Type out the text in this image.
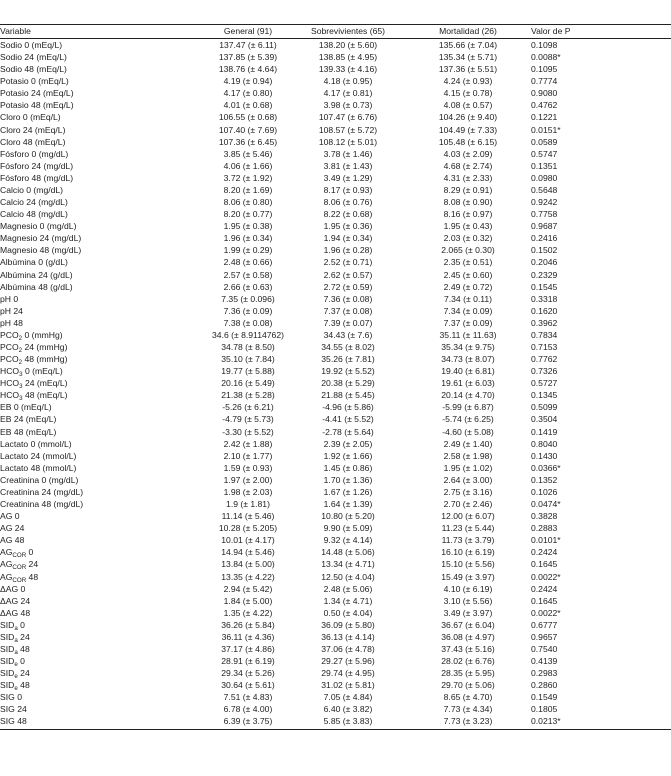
Variable	General (91)	Sobrevivientes (65)	Mortalidad (26)	Valor de P
Sodio 0 (mEq/L)	137.47 (± 6.11)	138.20 (± 5.60)	135.66 (± 7.04)	0.1098
Sodio 24 (mEq/L)	137.85 (± 5.39)	138.85 (± 4.95)	135.34 (± 5.71)	0.0088*
Sodio 48 (mEq/L)	138.76 (± 4.64)	139.33 (± 4.16)	137.36 (± 5.51)	0.1095
Potasio 0 (mEq/L)	4.19 (± 0.94)	4.18 (± 0.95)	4.24 (± 0.93)	0.7774
Potasio 24 (mEq/L)	4.17 (± 0.80)	4.17 (± 0.81)	4.15 (± 0.78)	0.9080
Potasio 48 (mEq/L)	4.01 (± 0.68)	3.98 (± 0.73)	4.08 (± 0.57)	0.4762
Cloro 0 (mEq/L)	106.55 (± 0.68)	107.47 (± 6.76)	104.26 (± 9.40)	0.1221
Cloro 24 (mEq/L)	107.40 (± 7.69)	108.57 (± 5.72)	104.49 (± 7.33)	0.0151*
Cloro 48 (mEq/L)	107.36 (± 6.45)	108.12 (± 5.01)	105.48 (± 6.15)	0.0589
Fósforo 0 (mg/dL)	3.85 (± 5.46)	3.78 (± 1.46)	4.03 (± 2.09)	0.5747
Fósforo 24 (mg/dL)	4.06 (± 1.66)	3.81 (± 1.43)	4.68 (± 2.74)	0.1351
Fósforo 48 (mg/dL)	3.72 (± 1.92)	3.49 (± 1.29)	4.31 (± 2.33)	0.0980
Calcio 0 (mg/dL)	8.20 (± 1.69)	8.17 (± 0.93)	8.29 (± 0.91)	0.5648
Calcio 24 (mg/dL)	8.06 (± 0.80)	8.06 (± 0.76)	8.08 (± 0.90)	0.9242
Calcio 48 (mg/dL)	8.20 (± 0.77)	8.22 (± 0.68)	8.16 (± 0.97)	0.7758
Magnesio 0 (mg/dL)	1.95 (± 0.38)	1.95 (± 0.36)	1.95 (± 0.43)	0.9687
Magnesio 24 (mg/dL)	1.96 (± 0.34)	1.94 (± 0.34)	2.03 (± 0.32)	0.2416
Magnesio 48 (mg/dL)	1.99 (± 0.29)	1.96 (± 0.28)	2.065 (± 0.30)	0.1502
Albúmina 0 (g/dL)	2.48 (± 0.66)	2.52 (± 0.71)	2.35 (± 0.51)	0.2046
Albúmina 24 (g/dL)	2.57 (± 0.58)	2.62 (± 0.57)	2.45 (± 0.60)	0.2329
Albúmina 48 (g/dL)	2.66 (± 0.63)	2.72 (± 0.59)	2.49 (± 0.72)	0.1545
pH 0	7.35 (± 0.096)	7.36 (± 0.08)	7.34 (± 0.11)	0.3318
pH 24	7.36 (± 0.09)	7.37 (± 0.08)	7.34 (± 0.09)	0.1620
pH 48	7.38 (± 0.08)	7.39 (± 0.07)	7.37 (± 0.09)	0.3962
$PCO_2$ 0 (mmHg)	34.6 (± 8.9114762)	34.43 (± 7.6)	35.11 (± 11.63)	0.7834
$PCO_2$ 24 (mmHg)	34.78 (± 8.50)	34.55 (± 8.02)	35.34 (± 9.75)	0.7153
$PCO_2$ 48 (mmHg)	35.10 (± 7.84)	35.26 (± 7.81)	34.73 (± 8.07)	0.7762
$HCO_3$ 0 (mEq/L)	19.77 (± 5.88)	19.92 (± 5.52)	19.40 (± 6.81)	0.7326
$HCO_3$ 24 (mEq/L)	20.16 (± 5.49)	20.38 (± 5.29)	19.61 (± 6.03)	0.5727
$HCO_3$ 48 (mEq/L)	21.38 (± 5.28)	21.88 (± 5.45)	20.14 (± 4.70)	0.1345
EB 0 (mEq/L)	-5.26 (± 6.21)	-4.96 (± 5.86)	-5.99 (± 6.87)	0.5099
EB 24 (mEq/L)	-4.79 (± 5.73)	-4.41 (± 5.52)	-5.74 (± 6.25)	0.3504
EB 48 (mEq/L)	-3.30 (± 5.52)	-2.78 (± 5.64)	-4.60 (± 5.08)	0.1419
Lactato 0 (mmol/L)	2.42 (± 1.88)	2.39 (± 2.05)	2.49 (± 1.40)	0.8040
Lactato 24 (mmol/L)	2.10 (± 1.77)	1.92 (± 1.66)	2.58 (± 1.98)	0.1430
Lactato 48 (mmol/L)	1.59 (± 0.93)	1.45 (± 0.86)	1.95 (± 1.02)	0.0366*
Creatinina 0 (mg/dL)	1.97 (± 2.00)	1.70 (± 1.36)	2.64 (± 3.00)	0.1352
Creatinina 24 (mg/dL)	1.98 (± 2.03)	1.67 (± 1.26)	2.75 (± 3.16)	0.1026
Creatinina 48 (mg/dL)	1.9 (± 1.81)	1.64 (± 1.39)	2.70 (± 2.46)	0.0474*
AG 0	11.14 (± 5.46)	10.80 (± 5.20)	12.00 (± 6.07)	0.3828
AG 24	10.28 (± 5.205)	9.90 (± 5.09)	11.23 (± 5.44)	0.2883
AG 48	10.01 (± 4.17)	9.32 (± 4.14)	11.73 (± 3.79)	0.0101*
$AG_{COR}$ 0	14.94 (± 5.46)	14.48 (± 5.06)	16.10 (± 6.19)	0.2424
$AG_{COR}$ 24	13.84 (± 5.00)	13.34 (± 4.71)	15.10 (± 5.56)	0.1645
$AG_{COR}$ 48	13.35 (± 4.22)	12.50 (± 4.04)	15.49 (± 3.97)	0.0022*
ΔAG 0	2.94 (± 5.42)	2.48 (± 5.06)	4.10 (± 6.19)	0.2424
ΔAG 24	1.84 (± 5.00)	1.34 (± 4.71)	3.10 (± 5.56)	0.1645
ΔAG 48	1.35 (± 4.22)	0.50 (± 4.04)	3.49 (± 3.97)	0.0022*
$SID_a$ 0	36.26 (± 5.84)	36.09 (± 5.80)	36.67 (± 6.04)	0.6777
$SID_a$ 24	36.11 (± 4.36)	36.13 (± 4.14)	36.08 (± 4.97)	0.9657
$SID_a$ 48	37.17 (± 4.86)	37.06 (± 4.78)	37.43 (± 5.16)	0.7540
$SID_e$ 0	28.91 (± 6.19)	29.27 (± 5.96)	28.02 (± 6.76)	0.4139
$SID_e$ 24	29.34 (± 5.26)	29.74 (± 4.95)	28.35 (± 5.95)	0.2983
$SID_e$ 48	30.64 (± 5.61)	31.02 (± 5.81)	29.70 (± 5.06)	0.2860
SIG 0	7.51 (± 4.83)	7.05 (± 4.84)	8.65 (± 4.70)	0.1549
SIG 24	6.78 (± 4.00)	6.40 (± 3.82)	7.73 (± 4.34)	0.1805
SIG 48	6.39 (± 3.75)	5.85 (± 3.83)	7.73 (± 3.23)	0.0213*
